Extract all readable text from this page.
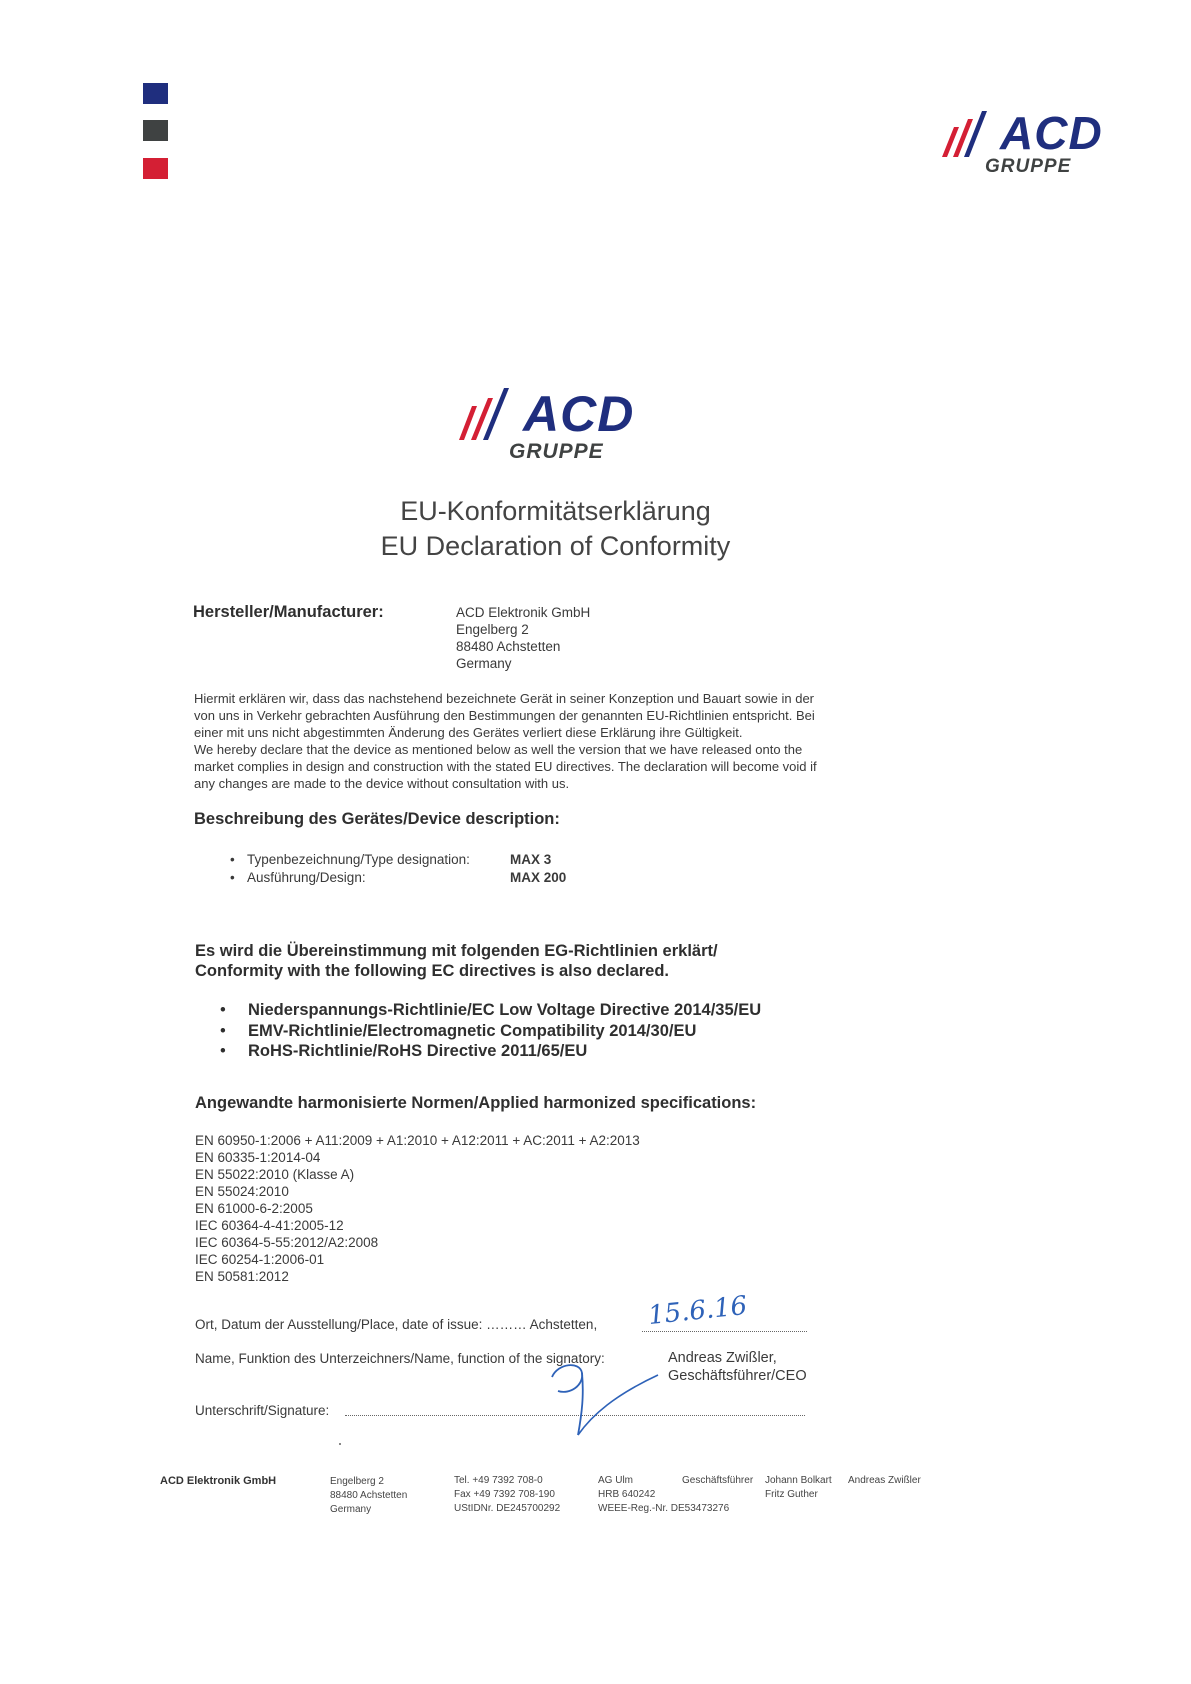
ACD
GRUPPE
ACD
GRUPPE
EU-Konformitätserklärung
EU Declaration of Conformity
Hersteller/Manufacturer:	ACD Elektronik GmbH
Engelberg 2
88480 Achstetten
Germany
Hiermit erklären wir, dass das nachstehend bezeichnete Gerät in seiner Konzeption und Bauart sowie in der
von uns in Verkehr gebrachten Ausführung den Bestimmungen der genannten EU-Richtlinien entspricht. Bei
einer mit uns nicht abgestimmten Änderung des Gerätes verliert diese Erklärung ihre Gültigkeit.
We hereby declare that the device as mentioned below as well the version that we have released onto the
market complies in design and construction with the stated EU directives. The declaration will become void if
any changes are made to the device without consultation with us.
Beschreibung des Gerätes/Device description:
• Typenbezeichnung/Type designation:	MAX 3
• Ausführung/Design:	MAX 200
Es wird die Übereinstimmung mit folgenden EG-Richtlinien erklärt/
Conformity with the following EC directives is also declared.
• Niederspannungs-Richtlinie/EC Low Voltage Directive 2014/35/EU
• EMV-Richtlinie/Electromagnetic Compatibility 2014/30/EU
• RoHS-Richtlinie/RoHS Directive 2011/65/EU
Angewandte harmonisierte Normen/Applied harmonized specifications:
EN 60950-1:2006 + A11:2009 + A1:2010 + A12:2011 + AC:2011 + A2:2013
EN 60335-1:2014-04
EN 55022:2010 (Klasse A)
EN 55024:2010
EN 61000-6-2:2005
IEC 60364-4-41:2005-12
IEC 60364-5-55:2012/A2:2008
IEC 60254-1:2006-01
EN 50581:2012
Ort, Datum der Ausstellung/Place, date of issue: ……… Achstetten, 15.6.16
Name, Funktion des Unterzeichners/Name, function of the signatory:	Andreas Zwißler,
Geschäftsführer/CEO
Unterschrift/Signature:
ACD Elektronik GmbH	Engelberg 2
88480 Achstetten
Germany
Tel. +49 7392 708-0
Fax +49 7392 708-190
UStIDNr. DE245700292
AG Ulm
HRB 640242
WEEE-Reg.-Nr. DE53473276
Geschäftsführer Johann Bolkart
Fritz Guther
Andreas Zwißler
